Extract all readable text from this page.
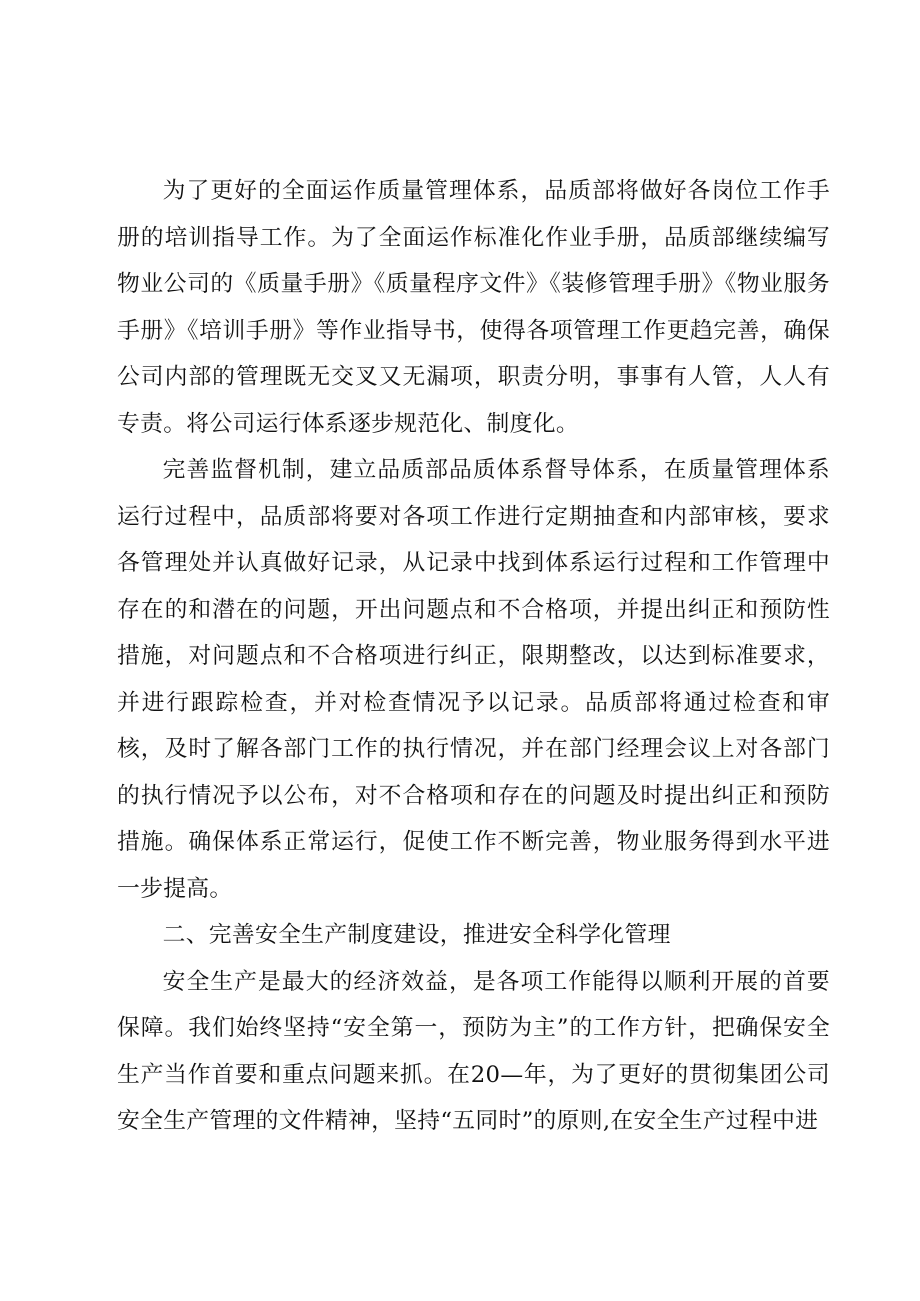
为了更好的全面运作质量管理体系，品质部将做好各岗位工作手册的培训指导工作。为了全面运作标准化作业手册，品质部继续编写物业公司的《质量手册》《质量程序文件》《装修管理手册》《物业服务手册》《培训手册》等作业指导书，使得各项管理工作更趋完善，确保公司内部的管理既无交叉又无漏项，职责分明，事事有人管，人人有专责。将公司运行体系逐步规范化、制度化。

完善监督机制，建立品质部品质体系督导体系，在质量管理体系运行过程中，品质部将要对各项工作进行定期抽查和内部审核，要求各管理处并认真做好记录，从记录中找到体系运行过程和工作管理中存在的和潜在的问题，开出问题点和不合格项，并提出纠正和预防性措施，对问题点和不合格项进行纠正，限期整改，以达到标准要求，并进行跟踪检查，并对检查情况予以记录。品质部将通过检查和审核，及时了解各部门工作的执行情况，并在部门经理会议上对各部门的执行情况予以公布，对不合格项和存在的问题及时提出纠正和预防措施。确保体系正常运行，促使工作不断完善，物业服务得到水平进一步提高。

二、完善安全生产制度建设，推进安全科学化管理

安全生产是最大的经济效益，是各项工作能得以顺利开展的首要保障。我们始终坚持“安全第一，预防为主”的工作方针，把确保安全生产当作首要和重点问题来抓。在20—年，为了更好的贯彻集团公司安全生产管理的文件精神，坚持“五同时”的原则,在安全生产过程中进
